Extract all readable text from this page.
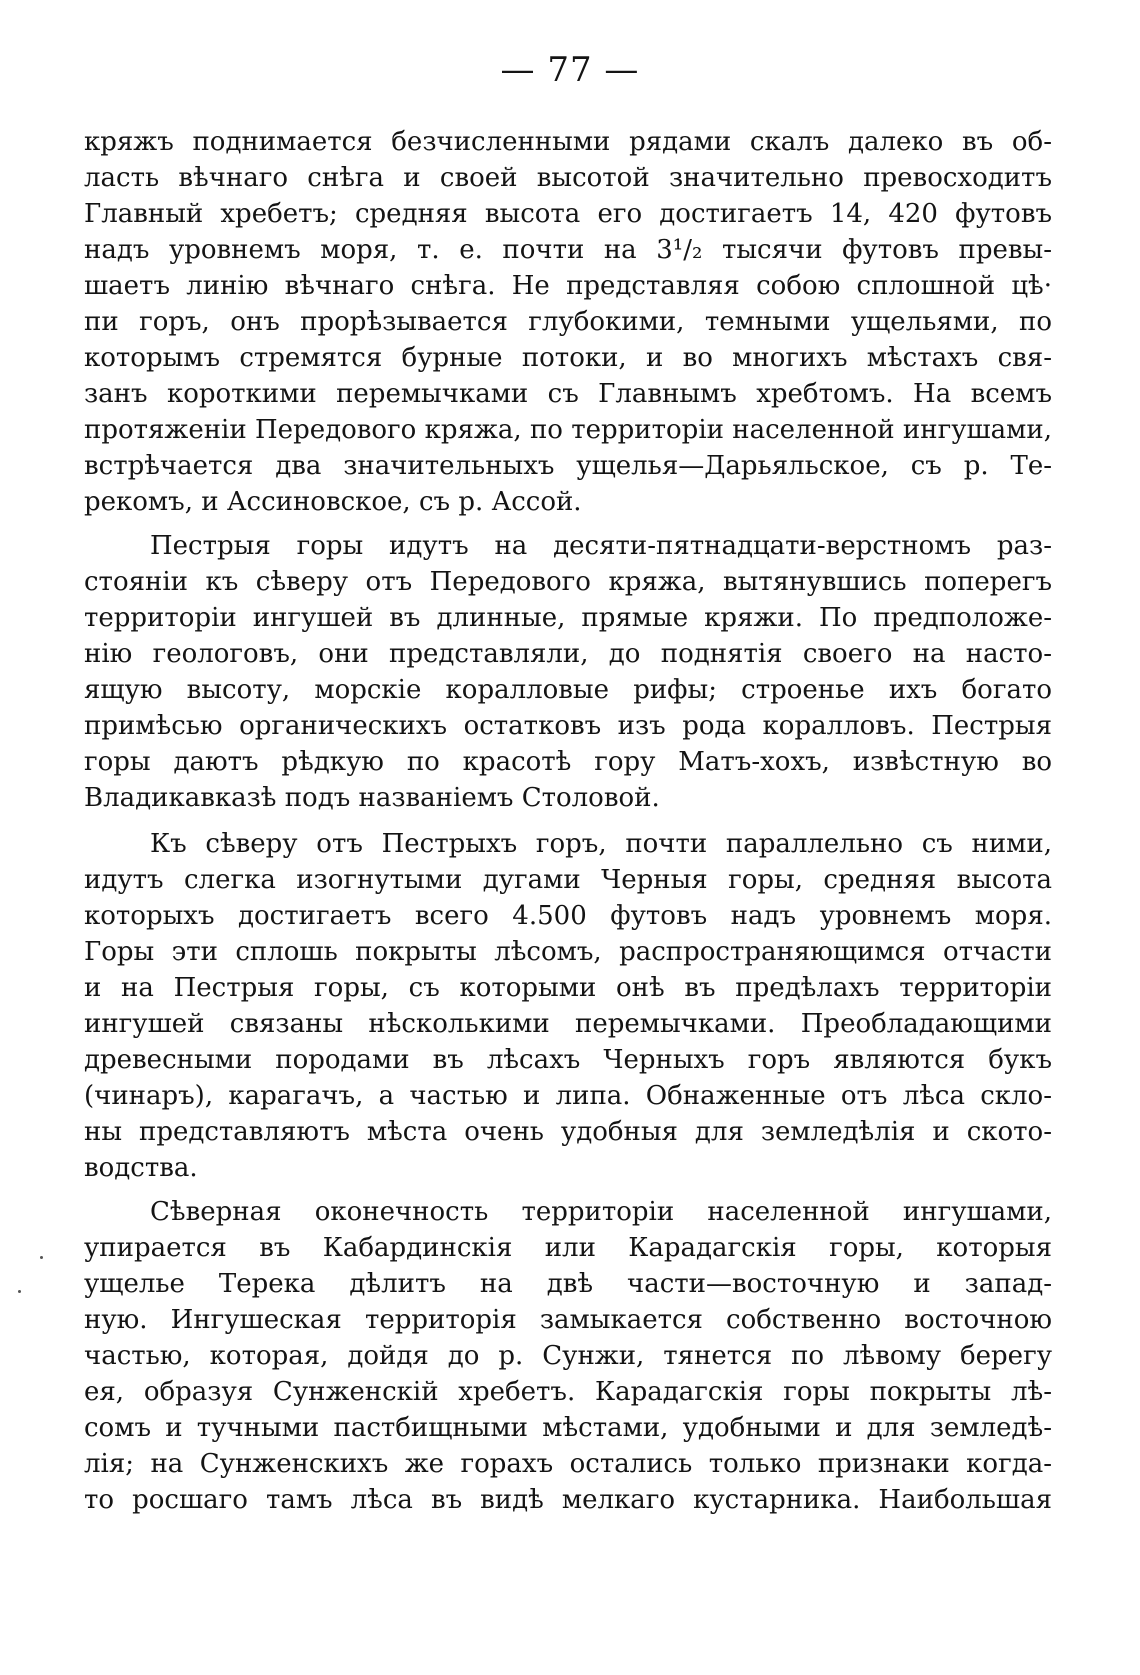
— 77 —
кряжъ поднимается безчисленными рядами скалъ далеко въ об-
ласть вѣчнаго снѣга и своей высотой значительно превосходитъ
Главный хребетъ; средняя высота его достигаетъ 14, 420 футовъ
надъ уровнемъ моря, т. е. почти на 3¹/₂ тысячи футовъ превы-
шаетъ линію вѣчнаго снѣга. Не представляя собою сплошной цѣ·
пи горъ, онъ прорѣзывается глубокими, темными ущельями, по
которымъ стремятся бурные потоки, и во многихъ мѣстахъ свя-
занъ короткими перемычками съ Главнымъ хребтомъ. На всемъ
протяженіи Передового кряжа, по территоріи населенной ингушами,
встрѣчается два значительныхъ ущелья—Дарьяльское, съ р. Те-
рекомъ, и Ассиновское, съ р. Ассой.
Пестрыя горы идутъ на десяти-пятнадцати-верстномъ раз-
стояніи къ сѣверу отъ Передового кряжа, вытянувшись поперегъ
территоріи ингушей въ длинные, прямые кряжи. По предположе-
нію геологовъ, они представляли, до поднятія своего на насто-
ящую высоту, морскіе коралловые рифы; строенье ихъ богато
примѣсью органическихъ остатковъ изъ рода коралловъ. Пестрыя
горы даютъ рѣдкую по красотѣ гору Матъ-хохъ, извѣстную во
Владикавказѣ подъ названіемъ Столовой.
Къ сѣверу отъ Пестрыхъ горъ, почти параллельно съ ними,
идутъ слегка изогнутыми дугами Черныя горы, средняя высота
которыхъ достигаетъ всего 4.500 футовъ надъ уровнемъ моря.
Горы эти сплошь покрыты лѣсомъ, распространяющимся отчасти
и на Пестрыя горы, съ которыми онѣ въ предѣлахъ территоріи
ингушей связаны нѣсколькими перемычками. Преобладающими
древесными породами въ лѣсахъ Черныхъ горъ являются букъ
(чинаръ), карагачъ, а частью и липа. Обнаженные отъ лѣса скло-
ны представляютъ мѣста очень удобныя для земледѣлія и ското-
водства.
Сѣверная оконечность территоріи населенной ингушами,
упирается въ Кабардинскія или Карадагскія горы, которыя
ущелье Терека дѣлитъ на двѣ части—восточную и запад-
ную. Ингушеская территорія замыкается собственно восточною
частью, которая, дойдя до р. Сунжи, тянется по лѣвому берегу
ея, образуя Сунженскій хребетъ. Карадагскія горы покрыты лѣ-
сомъ и тучными пастбищными мѣстами, удобными и для земледѣ-
лія; на Сунженскихъ же горахъ остались только признаки когда-
то росшаго тамъ лѣса въ видѣ мелкаго кустарника. Наибольшая
